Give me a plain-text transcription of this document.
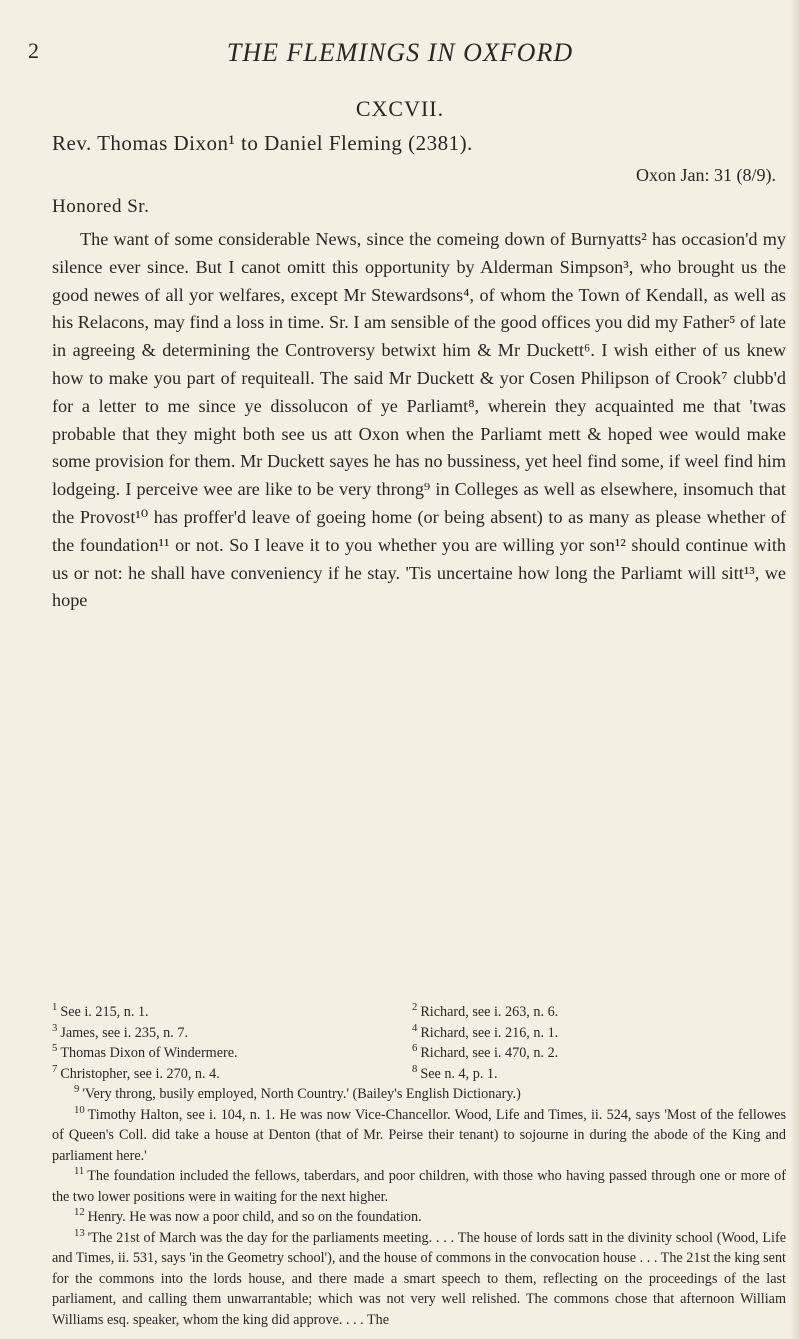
2	THE FLEMINGS IN OXFORD
CXCVII.
Rev. Thomas Dixon¹ to Daniel Fleming (2381).
Oxon Jan: 31 (8/9).
Honored Sr.

The want of some considerable News, since the comeing down of Burnyatts² has occasion'd my silence ever since. But I canot omitt this opportunity by Alderman Simpson³, who brought us the good newes of all yor welfares, except Mr Stewardsons⁴, of whom the Town of Kendall, as well as his Relacons, may find a loss in time. Sr. I am sensible of the good offices you did my Father⁵ of late in agreeing & determining the Controversy betwixt him & Mr Duckett⁶. I wish either of us knew how to make you part of requiteall. The said Mr Duckett & yor Cosen Philipson of Crook⁷ clubb'd for a letter to me since ye dissolucon of ye Parliamt⁸, wherein they acquainted me that 'twas probable that they might both see us att Oxon when the Parliamt mett & hoped wee would make some provision for them. Mr Duckett sayes he has no bussiness, yet heel find some, if weel find him lodgeing. I perceive wee are like to be very throng⁹ in Colleges as well as elsewhere, insomuch that the Provost¹⁰ has proffer'd leave of goeing home (or being absent) to as many as please whether of the foundation¹¹ or not. So I leave it to you whether you are willing yor son¹² should continue with us or not: he shall have conveniency if he stay. 'Tis uncertaine how long the Parliamt will sitt¹³, we hope

$^1$ See i. 215, n. 1.	$^2$ Richard, see i. 263, n. 6.
$^3$ James, see i. 235, n. 7.	$^4$ Richard, see i. 216, n. 1.
$^5$ Thomas Dixon of Windermere.	$^6$ Richard, see i. 470, n. 2.
$^7$ Christopher, see i. 270, n. 4.	$^8$ See n. 4, p. 1.

$^9$ 'Very throng, busily employed, North Country.' (Bailey's English Dictionary.)

$^{10}$ Timothy Halton, see i. 104, n. 1. He was now Vice-Chancellor. Wood, Life and Times, ii. 524, says 'Most of the fellowes of Queen's Coll. did take a house at Denton (that of Mr. Peirse their tenant) to sojourne in during the abode of the King and parliament here.'

$^{11}$ The foundation included the fellows, taberdars, and poor children, with those who having passed through one or more of the two lower positions were in waiting for the next higher.

$^{12}$ Henry. He was now a poor child, and so on the foundation.

$^{13}$ 'The 21st of March was the day for the parliaments meeting. . . . The house of lords satt in the divinity school (Wood, Life and Times, ii. 531, says 'in the Geometry school'), and the house of commons in the convocation house . . . The 21st the king sent for the commons into the lords house, and there made a smart speech to them, reflecting on the proceedings of the last parliament, and calling them unwarrantable; which was not very well relished. The commons chose that afternoon William Williams esq. speaker, whom the king did approve. . . . The
